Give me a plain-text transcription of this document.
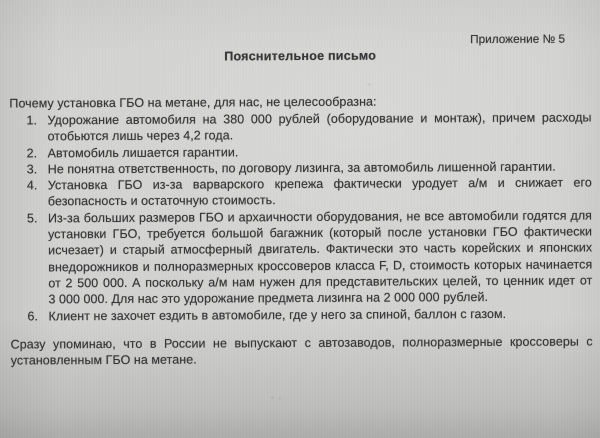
Приложение № 5
Пояснительное письмо
Почему установка ГБО на метане, для нас, не целесообразна:
1. Удорожание автомобиля на 380 000 рублей (оборудование и монтаж), причем расходы отобьются лишь через 4,2 года.
2. Автомобиль лишается гарантии.
3. Не понятна ответственность, по договору лизинга, за автомобиль лишенной гарантии.
4. Установка ГБО из-за варварского крепежа фактически уродует а/м и снижает его безопасность и остаточную стоимость.
5. Из-за больших размеров ГБО и архаичности оборудования, не все автомобили годятся для установки ГБО, требуется большой багажник (который после установки ГБО фактически исчезает) и старый атмосферный двигатель. Фактически это часть корейских и японских внедорожников и полноразмерных кроссоверов класса F, D, стоимость которых начинается от 2 500 000. А поскольку а/м нам нужен для представительских целей, то ценник идет от 3 000 000. Для нас это удорожание предмета лизинга на 2 000 000 рублей.
6. Клиент не захочет ездить в автомобиле, где у него за спиной, баллон с газом.
Сразу упоминаю, что в России не выпускают с автозаводов, полноразмерные кроссоверы с установленным ГБО на метане.
